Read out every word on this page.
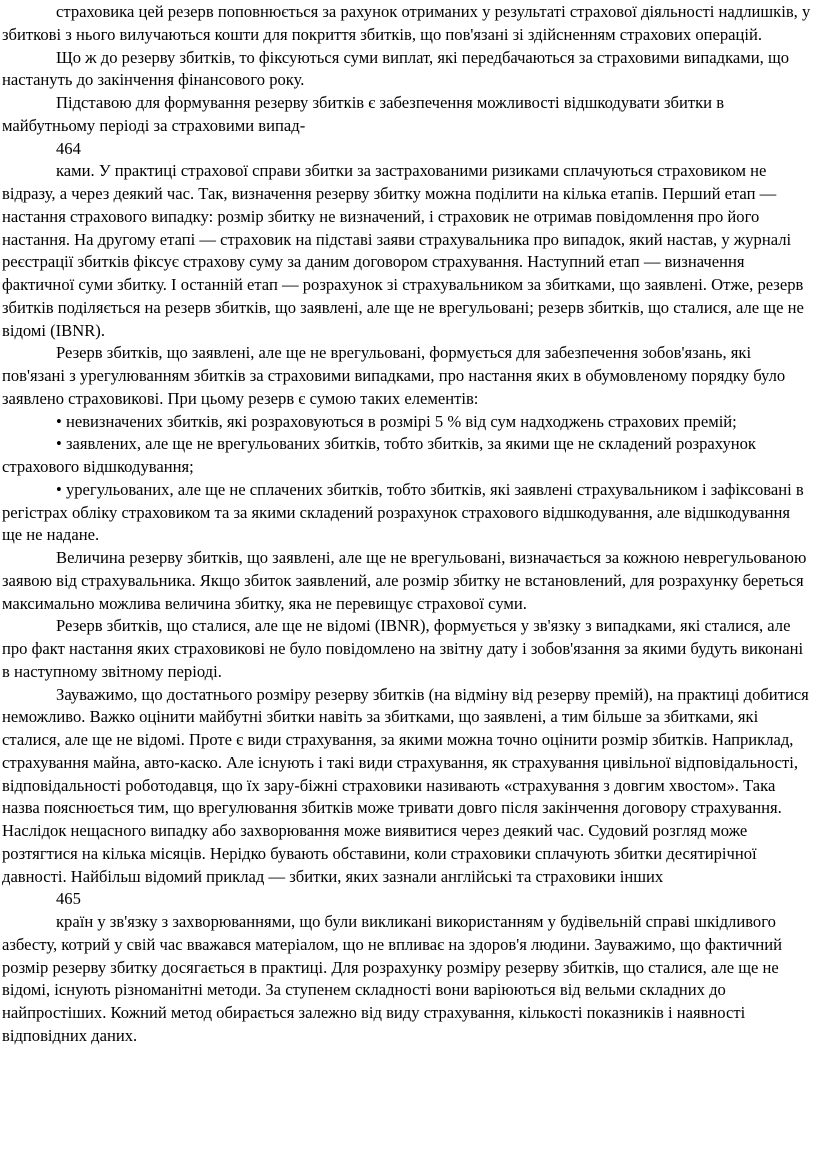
страховика цей резерв поповнюється за рахунок отриманих у результаті страхової діяльності надлишків, у збиткові з нього вилучаються кошти для покриття збитків, що пов'язані зі здійсненням страхових операцій.

Що ж до резерву збитків, то фіксуються суми виплат, які передбачаються за страховими випадками, що настануть до закінчення фінансового року.

Підставою для формування резерву збитків є забезпечення можливості відшкодувати збитки в майбутньому періоді за страховими випад-

464

ками. У практиці страхової справи збитки за застрахованими ризиками сплачуються страховиком не відразу, а через деякий час. Так, визначення резерву збитку можна поділити на кілька етапів. Перший етап — настання страхового випадку: розмір збитку не визначений, і страховик не отримав повідомлення про його настання. На другому етапі — страховик на підставі заяви страхувальника про випадок, який настав, у журналі реєстрації збитків фіксує страхову суму за даним договором страхування. Наступний етап — визначення фактичної суми збитку. І останній етап — розрахунок зі страхувальником за збитками, що заявлені. Отже, резерв збитків поділяється на резерв збитків, що заявлені, але ще не врегульовані; резерв збитків, що сталися, але ще не відомі (IBNR).

Резерв збитків, що заявлені, але ще не врегульовані, формується для забезпечення зобов'язань, які пов'язані з урегулюванням збитків за страховими випадками, про настання яких в обумовленому порядку було заявлено страховикові. При цьому резерв є сумою таких елементів:

• невизначених збитків, які розраховуються в розмірі 5 % від сум надходжень страхових премій;

• заявлених, але ще не врегульованих збитків, тобто збитків, за якими ще не складений розрахунок страхового відшкодування;

• урегульованих, але ще не сплачених збитків, тобто збитків, які заявлені страхувальником і зафіксовані в регістрах обліку страховиком та за якими складений розрахунок страхового відшкодування, але відшкодування ще не надане.

Величина резерву збитків, що заявлені, але ще не врегульовані, визначається за кожною неврегульованою заявою від страхувальника. Якщо збиток заявлений, але розмір збитку не встановлений, для розрахунку береться максимально можлива величина збитку, яка не перевищує страхової суми.

Резерв збитків, що сталися, але ще не відомі (IBNR), формується у зв'язку з випадками, які сталися, але про факт настання яких страховикові не було повідомлено на звітну дату і зобов'язання за якими будуть виконані в наступному звітному періоді.

Зауважимо, що достатнього розміру резерву збитків (на відміну від резерву премій), на практиці добитися неможливо. Важко оцінити майбутні збитки навіть за збитками, що заявлені, а тим більше за збитками, які сталися, але ще не відомі. Проте є види страхування, за якими можна точно оцінити розмір збитків. Наприклад, страхування майна, авто-каско. Але існують і такі види страхування, як страхування цивільної відповідальності, відповідальності роботодавця, що їх зару-біжні страховики називають «страхування з довгим хвостом». Така назва пояснюється тим, що врегулювання збитків може тривати довго після закінчення договору страхування. Наслідок нещасного випадку або захворювання може виявитися через деякий час. Судовий розгляд може розтягтися на кілька місяців. Нерідко бувають обставини, коли страховики сплачують збитки десятирічної давності. Найбільш відомий приклад — збитки, яких зазнали англійські та страховики інших

465

країн у зв'язку з захворюваннями, що були викликані використанням у будівельній справі шкідливого азбесту, котрий у свій час вважався матеріалом, що не впливає на здоров'я людини. Зауважимо, що фактичний розмір резерву збитку досягається в практиці. Для розрахунку розміру резерву збитків, що сталися, але ще не відомі, існують різноманітні методи. За ступенем складності вони варіюються від вельми складних до найпростіших. Кожний метод обирається залежно від виду страхування, кількості показників і наявності відповідних даних.
